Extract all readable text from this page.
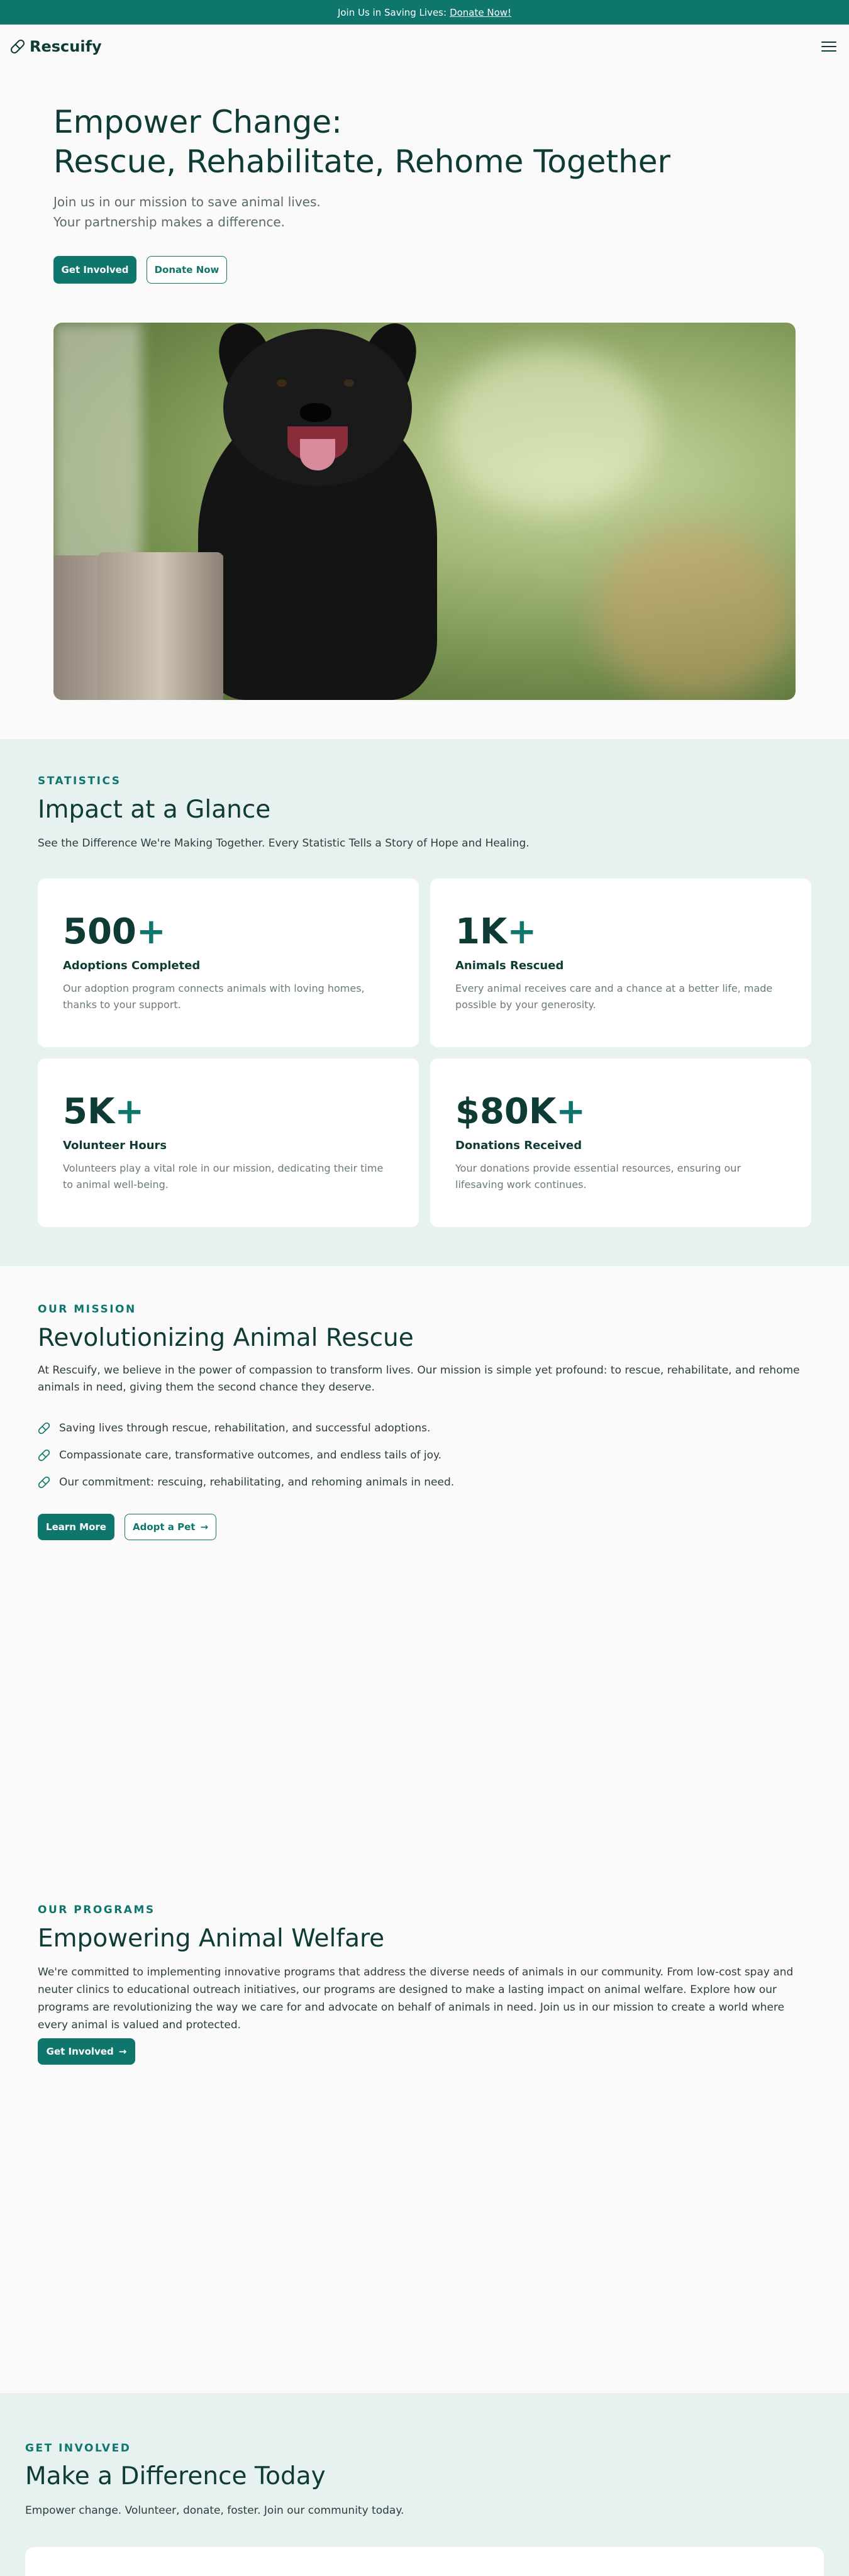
Join Us in Saving Lives: Donate Now!
Rescuify
Empower Change:
Rescue, Rehabilitate, Rehome Together
Join us in our mission to save animal lives.
Your partnership makes a difference.
Get Involved	Donate Now
STATISTICS
Impact at a Glance

See the Difference We're Making Together. Every Statistic Tells a Story of Hope and Healing.

500+
Adoptions Completed
Our adoption program connects animals with loving homes, thanks to your support.
1K+
Animals Rescued
Every animal receives care and a chance at a better life, made possible by your generosity.
5K+
Volunteer Hours
Volunteers play a vital role in our mission, dedicating their time to animal well-being.
$80K+
Donations Received
Your donations provide essential resources, ensuring our lifesaving work continues.
OUR MISSION
Revolutionizing Animal Rescue

At Rescuify, we believe in the power of compassion to transform lives. Our mission is simple yet profound: to rescue, rehabilitate, and rehome animals in need, giving them the second chance they deserve.

Saving lives through rescue, rehabilitation, and successful adoptions.
Compassionate care, transformative outcomes, and endless tails of joy.
Our commitment: rescuing, rehabilitating, and rehoming animals in need.
Learn More	Adopt a Pet →
OUR PROGRAMS
Empowering Animal Welfare

We're committed to implementing innovative programs that address the diverse needs of animals in our community. From low-cost spay and neuter clinics to educational outreach initiatives, our programs are designed to make a lasting impact on animal welfare. Explore how our programs are revolutionizing the way we care for and advocate on behalf of animals in need. Join us in our mission to create a world where every animal is valued and protected.

Get Involved →
GET INVOLVED
Make a Difference Today

Empower change. Volunteer, donate, foster. Join our community today.
